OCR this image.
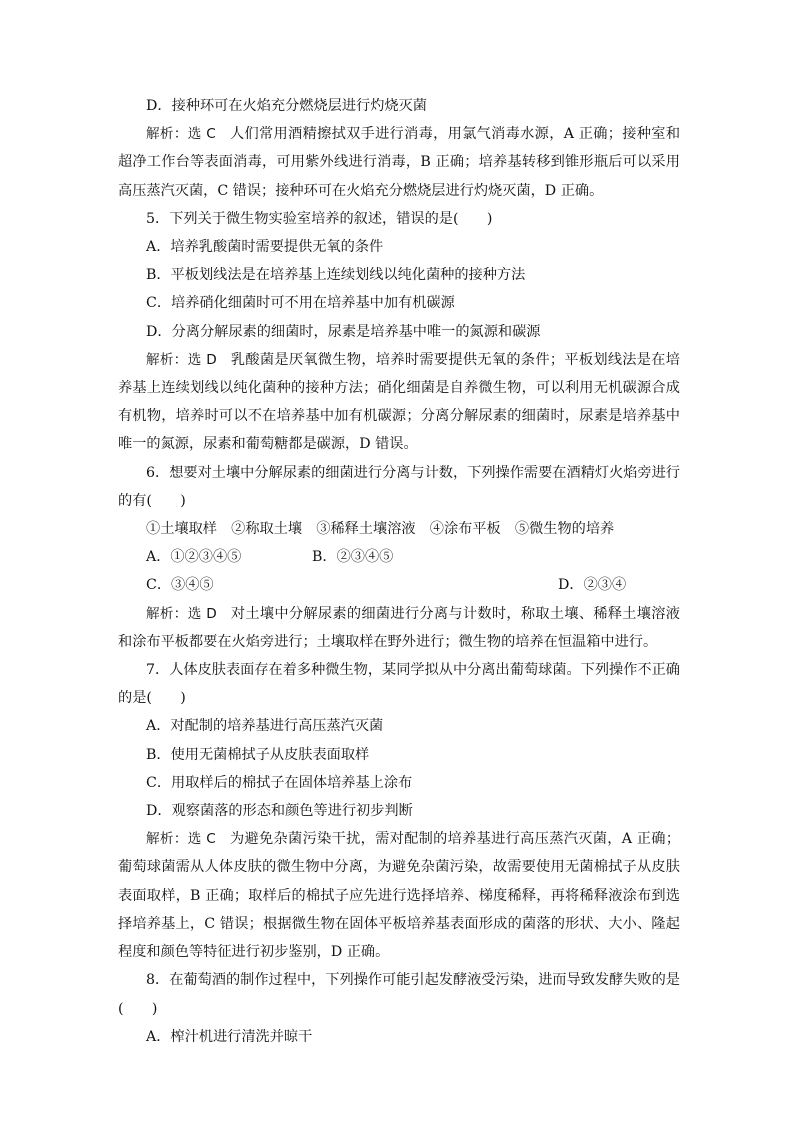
D．接种环可在火焰充分燃烧层进行灼烧灭菌

解析：选 C　人们常用酒精擦拭双手进行消毒，用氯气消毒水源，A 正确；接种室和超净工作台等表面消毒，可用紫外线进行消毒，B 正确；培养基转移到锥形瓶后可以采用高压蒸汽灭菌，C 错误；接种环可在火焰充分燃烧层进行灼烧灭菌，D 正确。

5．下列关于微生物实验室培养的叙述，错误的是(　　)

A．培养乳酸菌时需要提供无氧的条件

B．平板划线法是在培养基上连续划线以纯化菌种的接种方法

C．培养硝化细菌时可不用在培养基中加有机碳源

D．分离分解尿素的细菌时，尿素是培养基中唯一的氮源和碳源

解析：选 D　乳酸菌是厌氧微生物，培养时需要提供无氧的条件；平板划线法是在培养基上连续划线以纯化菌种的接种方法；硝化细菌是自养微生物，可以利用无机碳源合成有机物，培养时可以不在培养基中加有机碳源；分离分解尿素的细菌时，尿素是培养基中唯一的氮源，尿素和葡萄糖都是碳源，D 错误。

6．想要对土壤中分解尿素的细菌进行分离与计数，下列操作需要在酒精灯火焰旁进行的有(　　)

①土壤取样　②称取土壤　③稀释土壤溶液　④涂布平板　⑤微生物的培养

A．①②③④⑤	B．②③④⑤
C．③④⑤	D．②③④

解析：选 D　对土壤中分解尿素的细菌进行分离与计数时，称取土壤、稀释土壤溶液和涂布平板都要在火焰旁进行；土壤取样在野外进行；微生物的培养在恒温箱中进行。

7．人体皮肤表面存在着多种微生物，某同学拟从中分离出葡萄球菌。下列操作不正确的是(　　)

A．对配制的培养基进行高压蒸汽灭菌

B．使用无菌棉拭子从皮肤表面取样

C．用取样后的棉拭子在固体培养基上涂布

D．观察菌落的形态和颜色等进行初步判断

解析：选 C　为避免杂菌污染干扰，需对配制的培养基进行高压蒸汽灭菌，A 正确；葡萄球菌需从人体皮肤的微生物中分离，为避免杂菌污染，故需要使用无菌棉拭子从皮肤表面取样，B 正确；取样后的棉拭子应先进行选择培养、梯度稀释，再将稀释液涂布到选择培养基上，C 错误；根据微生物在固体平板培养基表面形成的菌落的形状、大小、隆起程度和颜色等特征进行初步鉴别，D 正确。

8．在葡萄酒的制作过程中，下列操作可能引起发酵液受污染，进而导致发酵失败的是(　　)

A．榨汁机进行清洗并晾干
